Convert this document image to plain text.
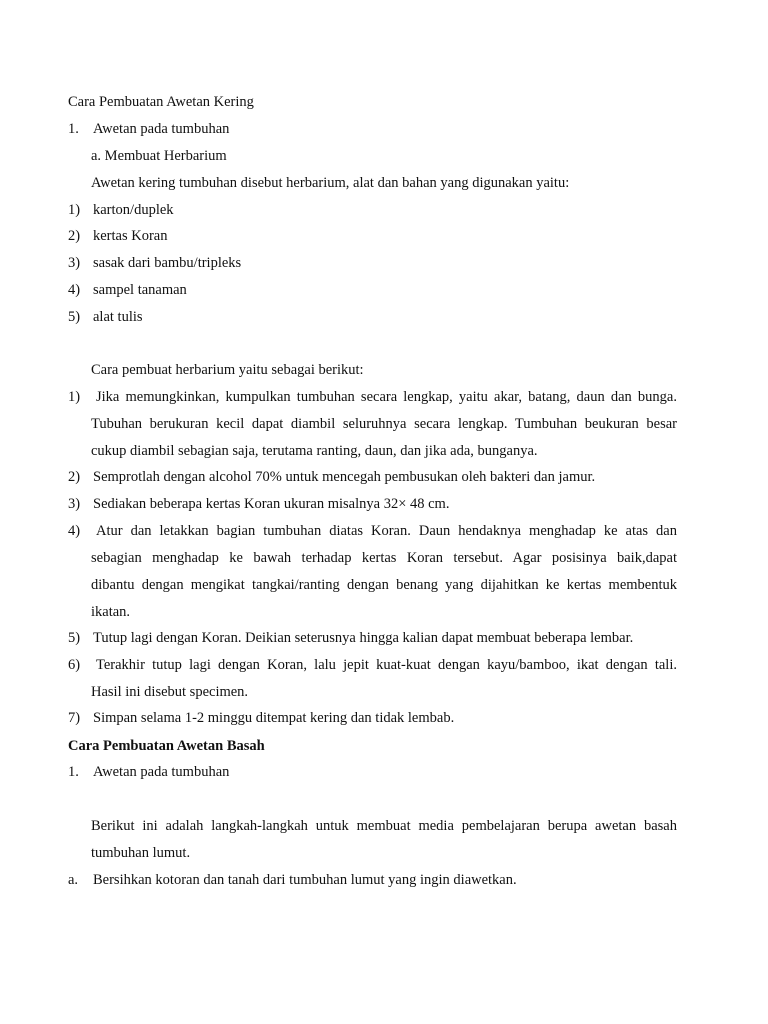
Cara Pembuatan Awetan Kering
1. Awetan pada tumbuhan
a. Membuat Herbarium
Awetan kering tumbuhan disebut herbarium, alat dan bahan yang digunakan yaitu:
1) karton/duplek
2) kertas Koran
3) sasak dari bambu/tripleks
4) sampel tanaman
5) alat tulis
Cara pembuat herbarium yaitu sebagai berikut:
1) Jika memungkinkan, kumpulkan tumbuhan secara lengkap, yaitu akar, batang, daun dan bunga.
Tubuhan berukuran kecil dapat diambil seluruhnya secara lengkap. Tumbuhan beukuran besar
cukup diambil sebagian saja, terutama ranting, daun, dan jika ada, bunganya.
2) Semprotlah dengan alcohol 70% untuk mencegah pembusukan oleh bakteri dan jamur.
3) Sediakan beberapa kertas Koran ukuran misalnya 32× 48 cm.
4) Atur dan letakkan bagian tumbuhan diatas Koran. Daun hendaknya menghadap ke atas dan
sebagian menghadap ke bawah terhadap kertas Koran tersebut. Agar posisinya baik,dapat
dibantu dengan mengikat tangkai/ranting dengan benang yang dijahitkan ke kertas membentuk
ikatan.
5) Tutup lagi dengan Koran. Deikian seterusnya hingga kalian dapat membuat beberapa lembar.
6) Terakhir tutup lagi dengan Koran, lalu jepit kuat-kuat dengan kayu/bamboo, ikat dengan tali.
Hasil ini disebut specimen.
7) Simpan selama 1-2 minggu ditempat kering dan tidak lembab.
Cara Pembuatan Awetan Basah
1. Awetan pada tumbuhan
Berikut ini adalah langkah-langkah untuk membuat media pembelajaran berupa awetan basah
tumbuhan lumut.
a. Bersihkan kotoran dan tanah dari tumbuhan lumut yang ingin diawetkan.
